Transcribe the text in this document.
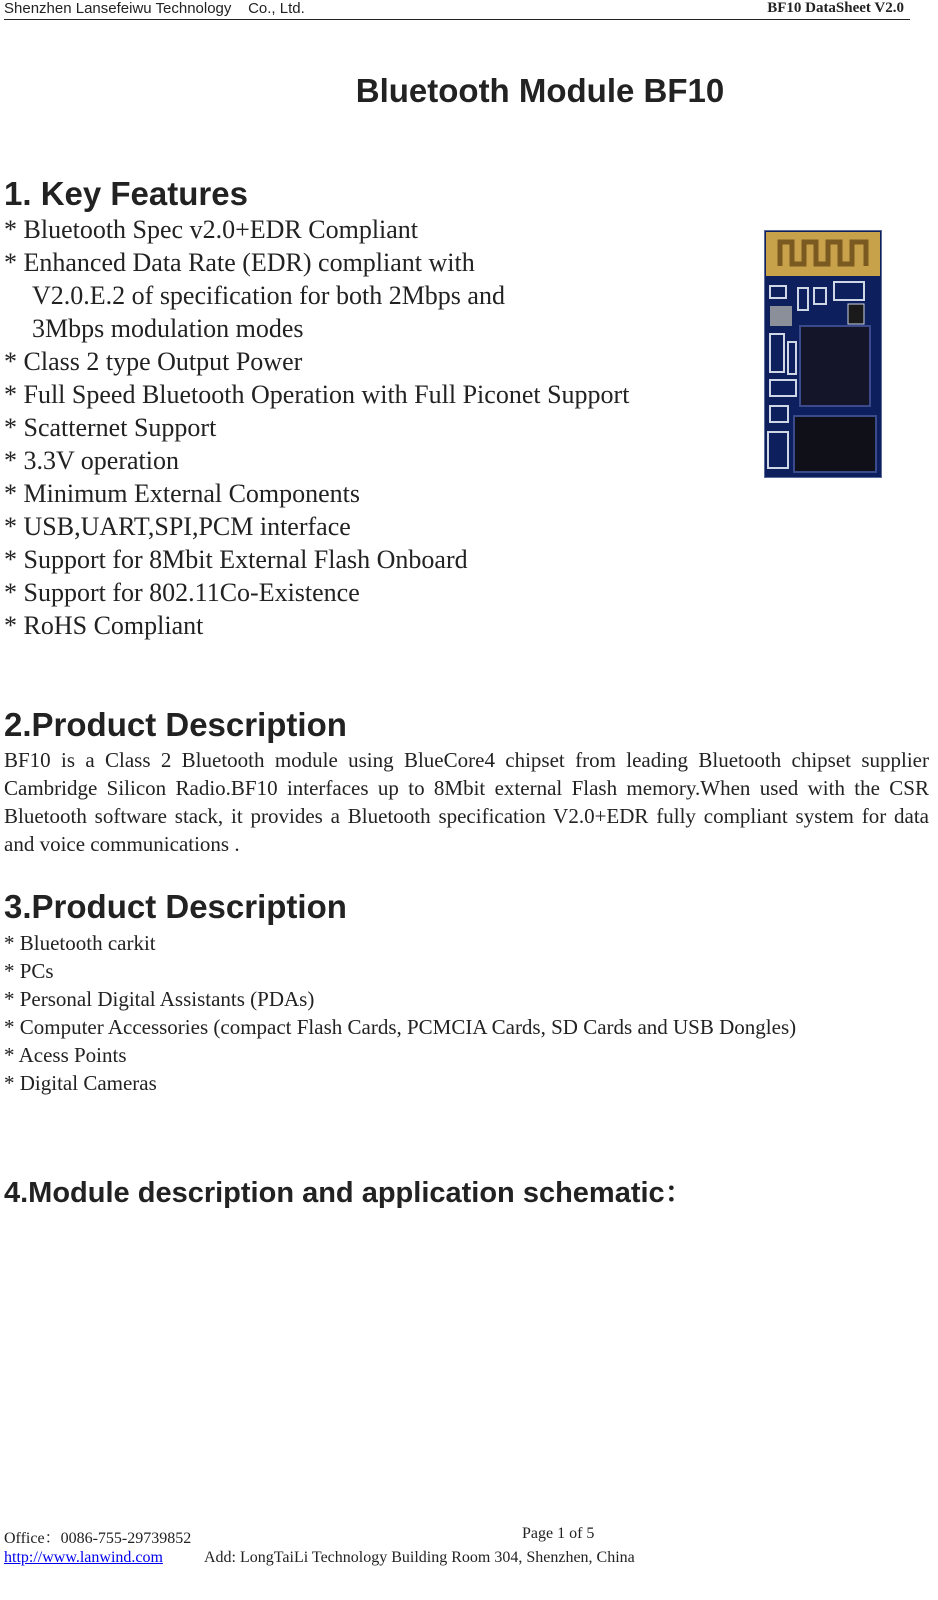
Shenzhen Lansefeiwu Technology    Co., Ltd.	BF10 DataSheet V2.0
Bluetooth Module BF10
1. Key Features
* Bluetooth Spec v2.0+EDR Compliant
* Enhanced Data Rate (EDR) compliant with
V2.0.E.2 of specification for both 2Mbps and
3Mbps modulation modes
* Class 2 type Output Power
* Full Speed Bluetooth Operation with Full Piconet Support
* Scatternet Support
* 3.3V operation
* Minimum External Components
* USB,UART,SPI,PCM interface
* Support for 8Mbit External Flash Onboard
* Support for 802.11Co-Existence
* RoHS Compliant
2.Product Description

BF10 is a Class 2 Bluetooth module using BlueCore4 chipset from leading Bluetooth chipset supplier Cambridge Silicon Radio.BF10 interfaces up to 8Mbit external Flash memory.When used with the CSR Bluetooth software stack, it provides a Bluetooth specification V2.0+EDR fully compliant system for data and voice communications .

3.Product Description
* Bluetooth carkit
* PCs
* Personal Digital Assistants (PDAs)
* Computer Accessories (compact Flash Cards, PCMCIA Cards, SD Cards and USB Dongles)
* Acess Points
* Digital Cameras
4.Module description and application schematic：
Office：0086-755-29739852	Page 1 of 5
http://www.lanwind.com	Add: LongTaiLi Technology Building Room 304, Shenzhen, China
